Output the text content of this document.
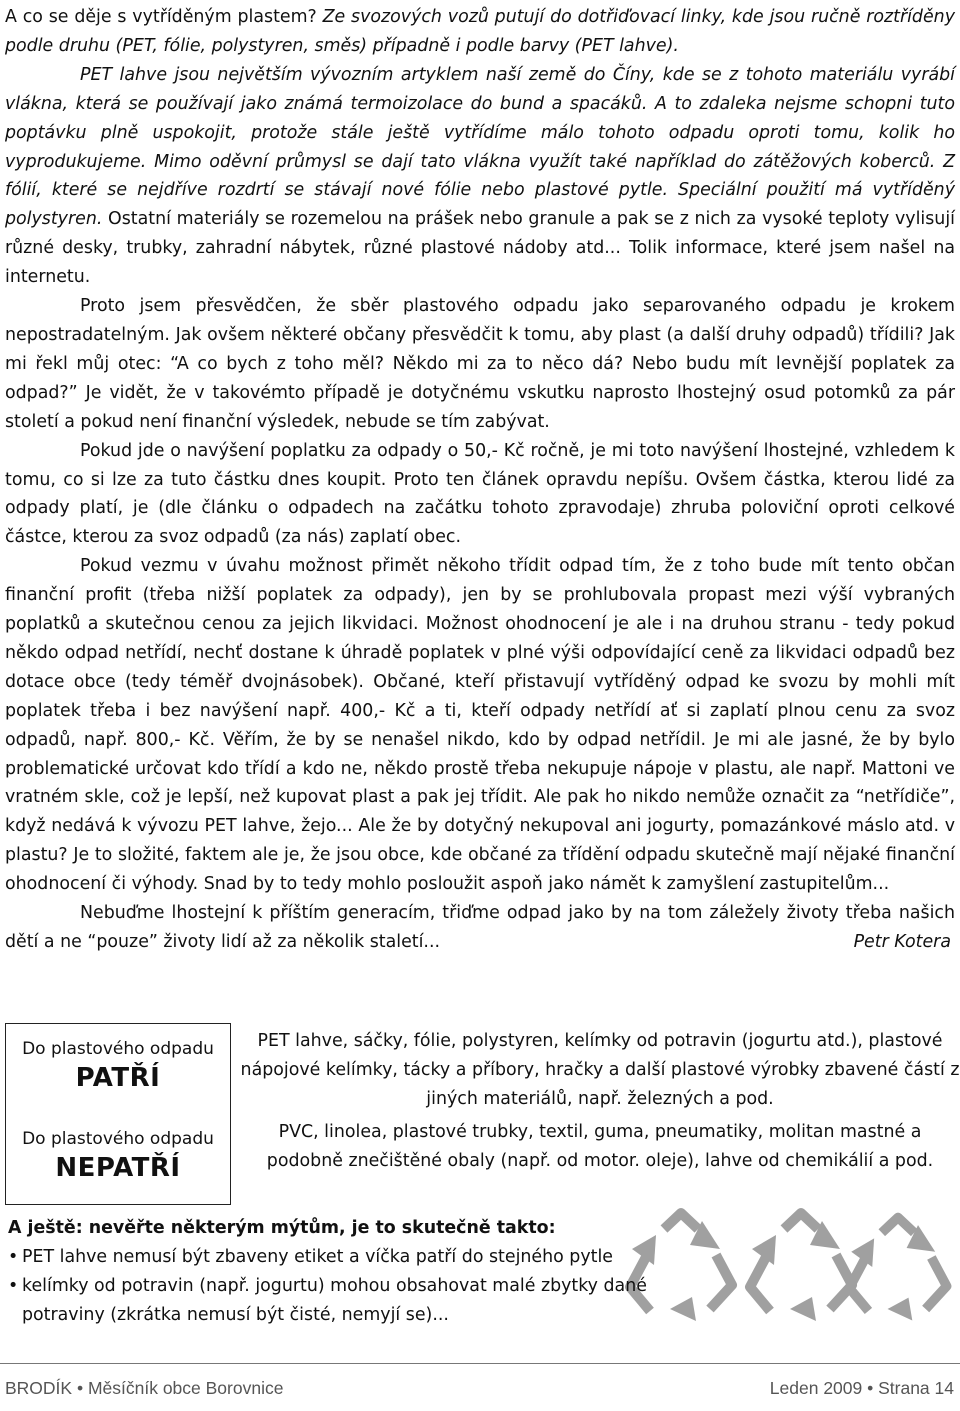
A co se děje s vytříděným plastem? Ze svozových vozů putují do dotřiďovací linky, kde jsou ručně roztříděny podle druhu (PET, fólie, polystyren, směs) případně i podle barvy (PET lahve).

PET lahve jsou největším vývozním artyklem naší země do Číny, kde se z tohoto materiálu vyrábí vlákna, která se používají jako známá termoizolace do bund a spacáků. A to zdaleka nejsme schopni tuto poptávku plně uspokojit, protože stále ještě vytřídíme málo tohoto odpadu oproti tomu, kolik ho vyprodukujeme. Mimo oděvní průmysl se dají tato vlákna využít také například do zátěžových koberců. Z fólií, které se nejdříve rozdrtí se stávají nové fólie nebo plastové pytle. Speciální použití má vytříděný polystyren. Ostatní materiály se rozemelou na prášek nebo granule a pak se z nich za vysoké teploty vylisují různé desky, trubky, zahradní nábytek, různé plastové nádoby atd... Tolik informace, které jsem našel na internetu.

Proto jsem přesvědčen, že sběr plastového odpadu jako separovaného odpadu je krokem nepostradatelným. Jak ovšem některé občany přesvědčit k tomu, aby plast (a další druhy odpadů) třídili? Jak mi řekl můj otec: “A co bych z toho měl? Někdo mi za to něco dá? Nebo budu mít levnější poplatek za odpad?” Je vidět, že v takovémto případě je dotyčnému vskutku naprosto lhostejný osud potomků za pár století a pokud není finanční výsledek, nebude se tím zabývat.

Pokud jde o navýšení poplatku za odpady o 50,- Kč ročně, je mi toto navýšení lhostejné, vzhledem k tomu, co si lze za tuto částku dnes koupit. Proto ten článek opravdu nepíšu. Ovšem částka, kterou lidé za odpady platí, je (dle článku o odpadech na začátku tohoto zpravodaje) zhruba poloviční oproti celkové částce, kterou za svoz odpadů (za nás) zaplatí obec.

Pokud vezmu v úvahu možnost přimět někoho třídit odpad tím, že z toho bude mít tento občan finanční profit (třeba nižší poplatek za odpady), jen by se prohlubovala propast mezi výší vybraných poplatků a skutečnou cenou za jejich likvidaci. Možnost ohodnocení je ale i na druhou stranu - tedy pokud někdo odpad netřídí, nechť dostane k úhradě poplatek v plné výši odpovídající ceně za likvidaci odpadů bez dotace obce (tedy téměř dvojnásobek). Občané, kteří přistavují vytříděný odpad ke svozu by mohli mít poplatek třeba i bez navýšení např. 400,- Kč a ti, kteří odpady netřídí ať si zaplatí plnou cenu za svoz odpadů, např. 800,- Kč. Věřím, že by se nenašel nikdo, kdo by odpad netřídil. Je mi ale jasné, že by bylo problematické určovat kdo třídí a kdo ne, někdo prostě třeba nekupuje nápoje v plastu, ale např. Mattoni ve vratném skle, což je lepší, než kupovat plast a pak jej třídit. Ale pak ho nikdo nemůže označit za “netřídiče”, když nedává k vývozu PET lahve, žejo... Ale že by dotyčný nekupoval ani jogurty, pomazánkové máslo atd. v plastu? Je to složité, faktem ale je, že jsou obce, kde občané za třídění odpadu skutečně mají nějaké finanční ohodnocení či výhody. Snad by to tedy mohlo posloužit aspoň jako námět k zamyšlení zastupitelům...

Nebuďme lhostejní k příštím generacím, třiďme odpad jako by na tom záležely životy třeba našich dětí a ne “pouze” životy lidí až za několik staletí...	Petr Kotera

Do plastového odpadu
PATŘÍ
Do plastového odpadu
NEPATŘÍ
PET lahve, sáčky, fólie, polystyren, kelímky od potravin (jogurtu atd.), plastové nápojové kelímky, tácky a příbory, hračky a další plastové výrobky zbavené částí z jiných materiálů, např. železných a pod.
PVC, linolea, plastové trubky, textil, guma, pneumatiky, molitan mastné a podobně znečištěné obaly (např. od motor. oleje), lahve od chemikálií a pod.
A ještě: nevěřte některým mýtům, je to skutečně takto:
• PET lahve nemusí být zbaveny etiket a víčka patří do stejného pytle
• kelímky od potravin (např. jogurtu) mohou obsahovat malé zbytky dané potraviny (zkrátka nemusí být čisté, nemyjí se)...
BRODÍK • Měsíčník obce Borovnice	Leden 2009 • Strana 14
